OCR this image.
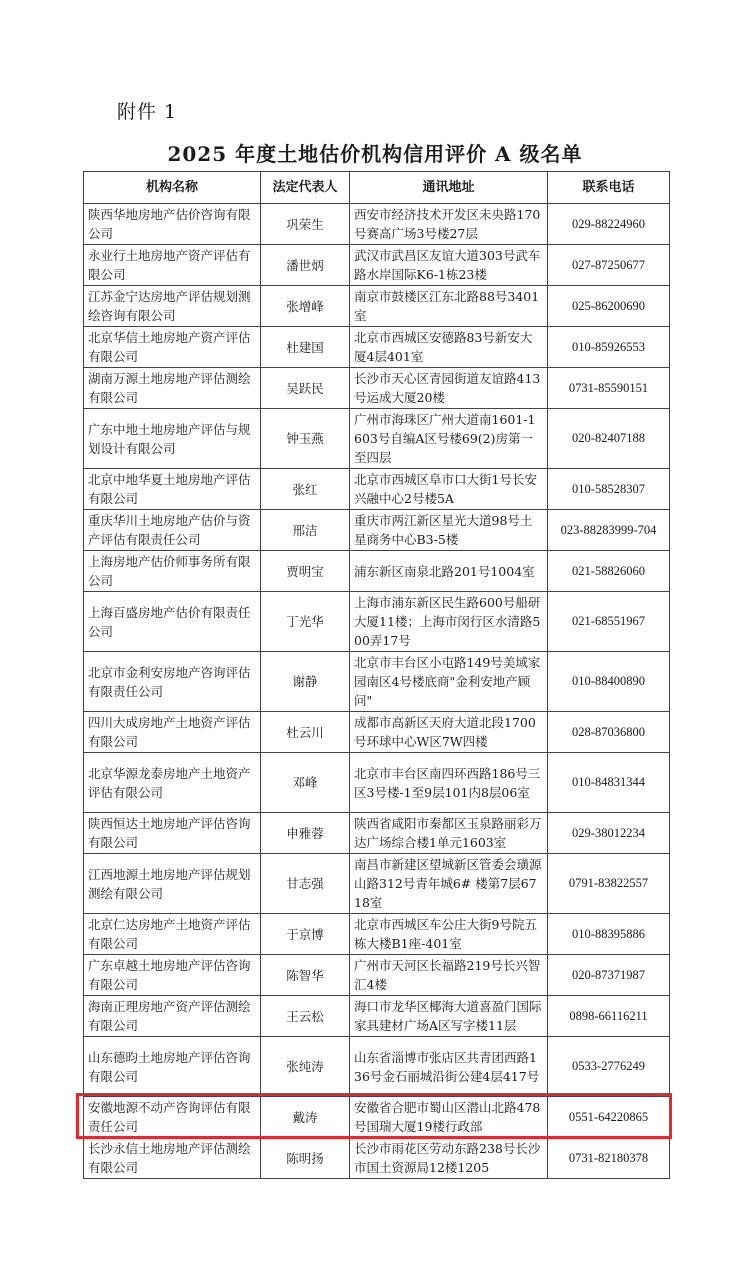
附件 1
2025 年度土地估价机构信用评价 A 级名单
机构名称	法定代表人	通讯地址	联系电话
陕西华地房地产估价咨询有限公司	巩荣生	西安市经济技术开发区未央路170号赛高广场3号楼27层	029-88224960
永业行土地房地产资产评估有限公司	潘世炳	武汉市武昌区友谊大道303号武车路水岸国际K6-1栋23楼	027-87250677
江苏金宁达房地产评估规划测绘咨询有限公司	张增峰	南京市鼓楼区江东北路88号3401室	025-86200690
北京华信土地房地产资产评估有限公司	杜建国	北京市西城区安德路83号新安大厦4层401室	010-85926553
湖南万源土地房地产评估测绘有限公司	吴跃民	长沙市天心区青园街道友谊路413号运成大厦20楼	0731-85590151
广东中地土地房地产评估与规划设计有限公司	钟玉燕	广州市海珠区广州大道南1601-1603号自编A区号楼69(2)房第一至四层	020-82407188
北京中地华夏土地房地产评估有限公司	张红	北京市西城区阜市口大街1号长安兴融中心2号楼5A	010-58528307
重庆华川土地房地产估价与资产评估有限责任公司	邢洁	重庆市两江新区星光大道98号土星商务中心B3-5楼	023-88283999-704
上海房地产估价师事务所有限公司	贾明宝	浦东新区南泉北路201号1004室	021-58826060
上海百盛房地产估价有限责任公司	丁光华	上海市浦东新区民生路600号船研大厦11楼；上海市闵行区水清路500弄17号	021-68551967
北京市金利安房地产咨询评估有限责任公司	谢静	北京市丰台区小屯路149号美域家园南区4号楼底商"金利安地产顾问"	010-88400890
四川大成房地产土地资产评估有限公司	杜云川	成都市高新区天府大道北段1700号环球中心W区7W四楼	028-87036800
北京华源龙泰房地产土地资产评估有限公司	邓峰	北京市丰台区南四环西路186号三区3号楼-1至9层101内8层06室	010-84831344
陕西恒达土地房地产评估咨询有限公司	申雅蓉	陕西省咸阳市秦都区玉泉路丽彩万达广场综合楼1单元1603室	029-38012234
江西地源土地房地产评估规划测绘有限公司	甘志强	南昌市新建区望城新区管委会璜源山路312号青年城6# 楼第7层6718室	0791-83822557
北京仁达房地产土地资产评估有限公司	于京博	北京市西城区车公庄大街9号院五栋大楼B1座-401室	010-88395886
广东卓越土地房地产评估咨询有限公司	陈智华	广州市天河区长福路219号长兴智汇4楼	020-87371987
海南正理房地产资产评估测绘有限公司	王云松	海口市龙华区椰海大道喜盈门国际家具建材广场A区写字楼11层	0898-66116211
山东德昀土地房地产评估咨询有限公司	张纯涛	山东省淄博市张店区共青团西路136号金石丽城沿街公建4层417号	0533-2776249
安徽地源不动产咨询评估有限责任公司	戴涛	安徽省合肥市蜀山区潜山北路478号国瑞大厦19楼行政部	0551-64220865
长沙永信土地房地产评估测绘有限公司	陈明扬	长沙市雨花区劳动东路238号长沙市国土资源局12楼1205	0731-82180378
